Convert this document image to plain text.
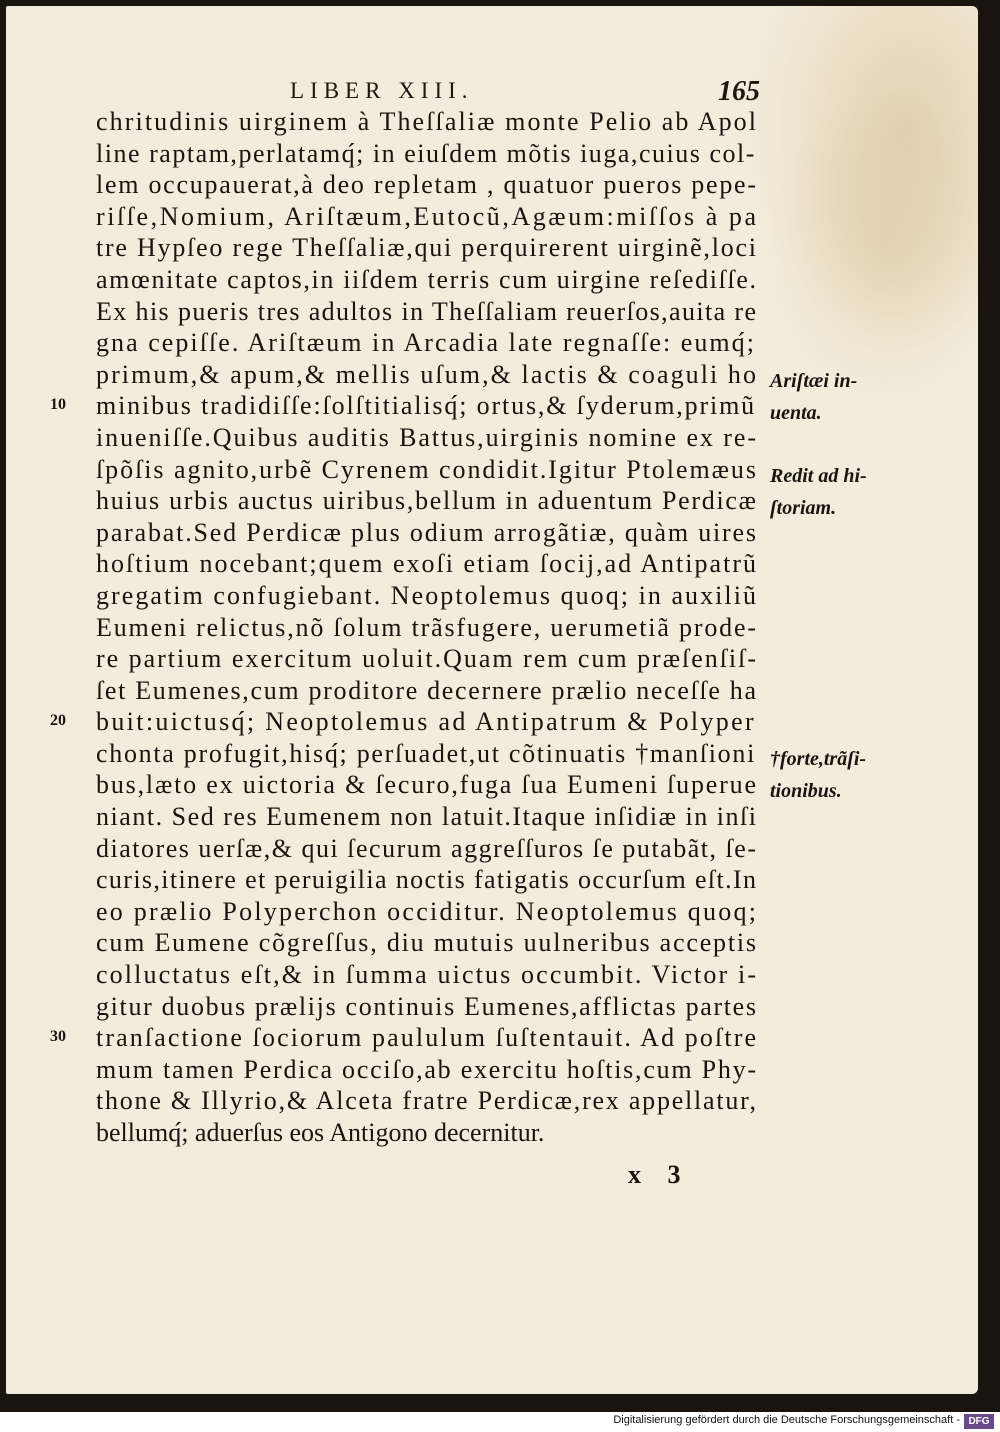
LIBER XIII.	165
chritudinis uirginem à Theſſaliæ monte Pelio ab Apol
line raptam,perlatamq́; in eiuſdem mõtis iuga,cuius col-
lem occupauerat,à deo repletam , quatuor pueros pepe-
riſſe,Nomium, Ariſtæum,Eutocũ,Agæum:miſſos à pa
tre Hypſeo rege Theſſaliæ,qui perquirerent uirginẽ,loci
amœnitate captos,in iiſdem terris cum uirgine reſediſſe.
Ex his pueris tres adultos in Theſſaliam reuerſos,auita re
gna cepiſſe. Ariſtæum in Arcadia late regnaſſe: eumq́;
primum,& apum,& mellis uſum,& lactis & coaguli ho
minibus tradidiſſe:ſolſtitialisq́; ortus,& ſyderum,primũ
inueniſſe.Quibus auditis Battus,uirginis nomine ex re-
ſpõſis agnito,urbẽ Cyrenem condidit.Igitur Ptolemæus
huius urbis auctus uiribus,bellum in aduentum Perdicæ
parabat.Sed Perdicæ plus odium arrogãtiæ, quàm uires
hoſtium nocebant;quem exoſi etiam ſocij,ad Antipatrũ
gregatim confugiebant. Neoptolemus quoq; in auxiliũ
Eumeni relictus,nõ ſolum trãsfugere, uerumetiã prode-
re partium exercitum uoluit.Quam rem cum præſenſiſ-
ſet Eumenes,cum proditore decernere prælio neceſſe ha
buit:uictusq́; Neoptolemus ad Antipatrum & Polyper
chonta profugit,hisq́; perſuadet,ut cõtinuatis †manſioni
bus,læto ex uictoria & ſecuro,fuga ſua Eumeni ſuperue
niant. Sed res Eumenem non latuit.Itaque inſidiæ in inſi
diatores uerſæ,& qui ſecurum aggreſſuros ſe putabãt, ſe-
curis,itinere et peruigilia noctis fatigatis occurſum eſt.In
eo prælio Polyperchon occiditur. Neoptolemus quoq;
cum Eumene cõgreſſus, diu mutuis uulneribus acceptis
colluctatus eſt,& in ſumma uictus occumbit. Victor i-
gitur duobus prælijs continuis Eumenes,afflictas partes
tranſactione ſociorum paululum ſuſtentauit. Ad poſtre
mum tamen Perdica occiſo,ab exercitu hoſtis,cum Phy-
thone & Illyrio,& Alceta fratre Perdicæ,rex appellatur,
bellumq́; aduerſus eos Antigono decernitur.
10
20
30
Ariſtæi in-
uenta.
Redit ad hi-
ſtoriam.
†forte,trãſi-
tionibus.
x 3
Digitalisierung gefördert durch die Deutsche Forschungsgemeinschaft - DFG
